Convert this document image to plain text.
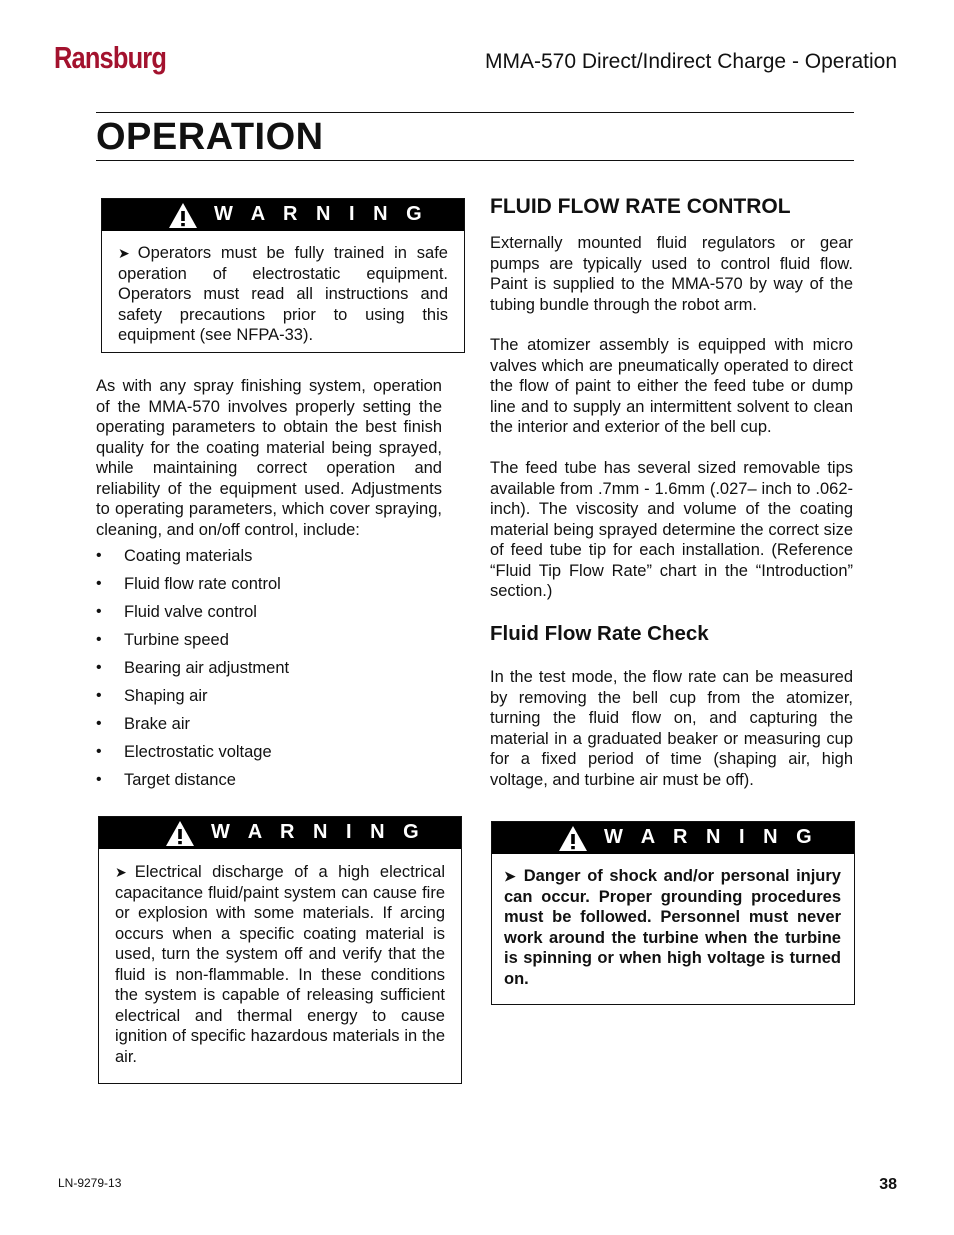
Ransburg	MMA-570 Direct/Indirect Charge - Operation
OPERATION
W A R N I N G
➤ Operators must be fully trained in safe operation of electrostatic equipment. Operators must read all instructions and safety precautions prior to using this equipment (see NFPA-33).
As with any spray finishing system, operation of the MMA-570 involves properly setting the operating parameters to obtain the best finish quality for the coating material being sprayed, while maintaining correct operation and reliability of the equipment used. Adjustments to operating parameters, which cover spraying, cleaning, and on/off control, include:
• Coating materials
• Fluid flow rate control
• Fluid valve control
• Turbine speed
• Bearing air adjustment
• Shaping air
• Brake air
• Electrostatic voltage
• Target distance
W A R N I N G
➤ Electrical discharge of a high electrical capacitance fluid/paint system can cause fire or explosion with some materials. If arcing occurs when a specific coating material is used, turn the system off and verify that the fluid is non-flammable. In these conditions the system is capable of releasing sufficient electrical and thermal energy to cause ignition of specific hazardous materials in the air.
FLUID FLOW RATE CONTROL
Externally mounted fluid regulators or gear pumps are typically used to control fluid flow. Paint is supplied to the MMA-570 by way of the tubing bundle through the robot arm.
The atomizer assembly is equipped with micro valves which are pneumatically operated to direct the flow of paint to either the feed tube or dump line and to supply an intermittent solvent to clean the interior and exterior of the bell cup.
The feed tube has several sized removable tips available from .7mm - 1.6mm (.027– inch to .062-inch). The viscosity and volume of the coating material being sprayed determine the correct size of feed tube tip for each installation. (Reference “Fluid Tip Flow Rate” chart in the “Introduction” section.)
Fluid Flow Rate Check
In the test mode, the flow rate can be measured by removing the bell cup from the atomizer, turning the fluid flow on, and capturing the material in a graduated beaker or measuring cup for a fixed period of time (shaping air, high voltage, and turbine air must be off).
W A R N I N G
➤ Danger of shock and/or personal injury can occur. Proper grounding procedures must be followed. Personnel must never work around the turbine when the turbine is spinning or when high voltage is turned on.
LN-9279-13	38
